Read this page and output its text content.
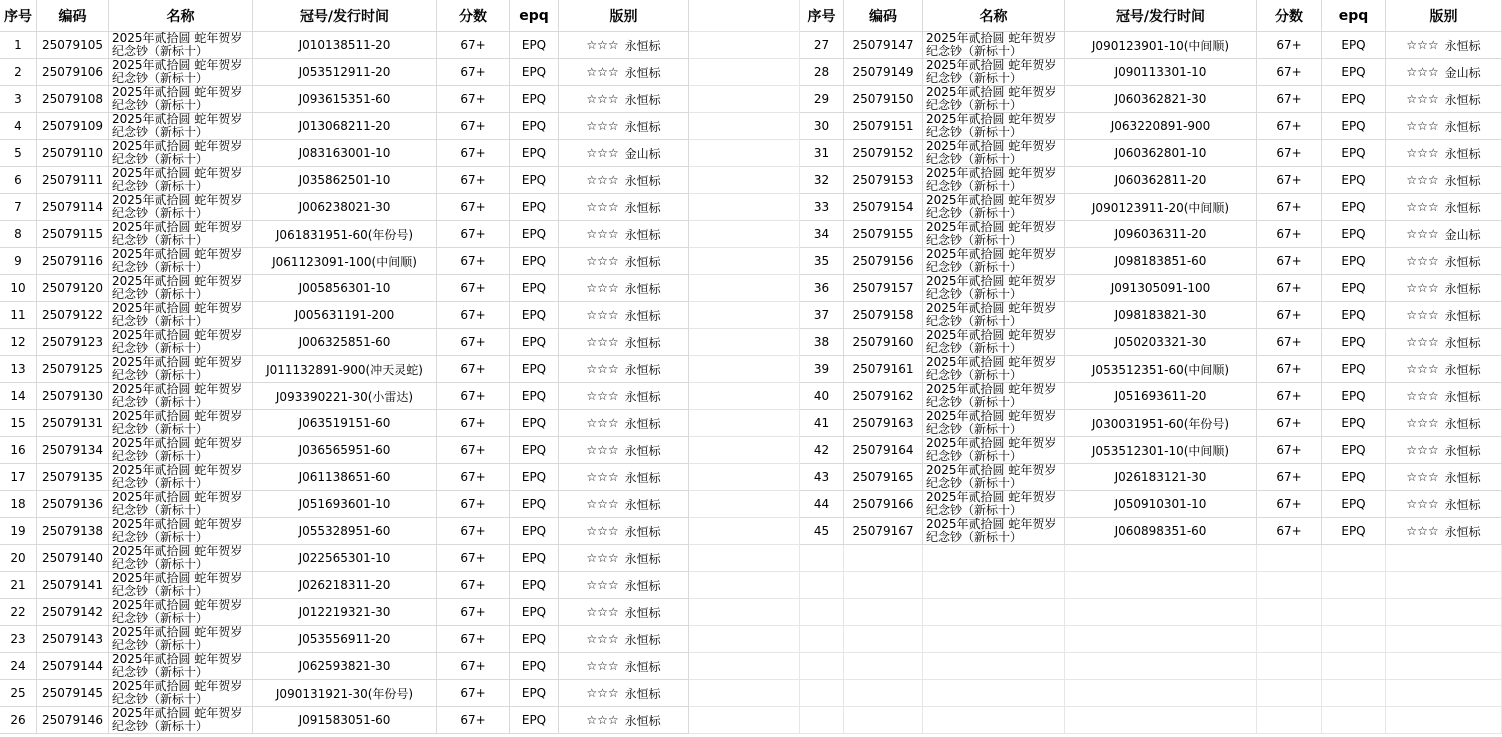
序号 编码	名称	冠号/发行时间	分数 epq	版别
1 25079105 2025年贰拾圆 蛇年贺岁纪念钞（新标十）	J010138511-20	67+	EPQ	☆☆☆ 永恒标
2 25079106 2025年贰拾圆 蛇年贺岁纪念钞（新标十）	J053512911-20	67+	EPQ	☆☆☆ 永恒标
3 25079108 2025年贰拾圆 蛇年贺岁纪念钞（新标十）	J093615351-60	67+	EPQ	☆☆☆ 永恒标
4 25079109 2025年贰拾圆 蛇年贺岁纪念钞（新标十）	J013068211-20	67+	EPQ	☆☆☆ 永恒标
5 25079110 2025年贰拾圆 蛇年贺岁纪念钞（新标十）	J083163001-10	67+	EPQ	☆☆☆ 金山标
6 25079111 2025年贰拾圆 蛇年贺岁纪念钞（新标十）	J035862501-10	67+	EPQ	☆☆☆ 永恒标
7 25079114 2025年贰拾圆 蛇年贺岁纪念钞（新标十）	J006238021-30	67+	EPQ	☆☆☆ 永恒标
8 25079115 2025年贰拾圆 蛇年贺岁纪念钞（新标十）	J061831951-60(年份号)	67+	EPQ	☆☆☆ 永恒标
9 25079116 2025年贰拾圆 蛇年贺岁纪念钞（新标十）	J061123091-100(中间顺)	67+	EPQ	☆☆☆ 永恒标
10 25079120 2025年贰拾圆 蛇年贺岁纪念钞（新标十）	J005856301-10	67+	EPQ	☆☆☆ 永恒标
11 25079122 2025年贰拾圆 蛇年贺岁纪念钞（新标十）	J005631191-200	67+	EPQ	☆☆☆ 永恒标
12 25079123 2025年贰拾圆 蛇年贺岁纪念钞（新标十）	J006325851-60	67+	EPQ	☆☆☆ 永恒标
13 25079125 2025年贰拾圆 蛇年贺岁纪念钞（新标十）	J011132891-900(冲天灵蛇)	67+	EPQ	☆☆☆ 永恒标
14 25079130 2025年贰拾圆 蛇年贺岁纪念钞（新标十）	J093390221-30(小雷达)	67+	EPQ	☆☆☆ 永恒标
15 25079131 2025年贰拾圆 蛇年贺岁纪念钞（新标十）	J063519151-60	67+	EPQ	☆☆☆ 永恒标
16 25079134 2025年贰拾圆 蛇年贺岁纪念钞（新标十）	J036565951-60	67+	EPQ	☆☆☆ 永恒标
17 25079135 2025年贰拾圆 蛇年贺岁纪念钞（新标十）	J061138651-60	67+	EPQ	☆☆☆ 永恒标
18 25079136 2025年贰拾圆 蛇年贺岁纪念钞（新标十）	J051693601-10	67+	EPQ	☆☆☆ 永恒标
19 25079138 2025年贰拾圆 蛇年贺岁纪念钞（新标十）	J055328951-60	67+	EPQ	☆☆☆ 永恒标
20 25079140 2025年贰拾圆 蛇年贺岁纪念钞（新标十）	J022565301-10	67+	EPQ	☆☆☆ 永恒标
21 25079141 2025年贰拾圆 蛇年贺岁纪念钞（新标十）	J026218311-20	67+	EPQ	☆☆☆ 永恒标
22 25079142 2025年贰拾圆 蛇年贺岁纪念钞（新标十）	J012219321-30	67+	EPQ	☆☆☆ 永恒标
23 25079143 2025年贰拾圆 蛇年贺岁纪念钞（新标十）	J053556911-20	67+	EPQ	☆☆☆ 永恒标
24 25079144 2025年贰拾圆 蛇年贺岁纪念钞（新标十）	J062593821-30	67+	EPQ	☆☆☆ 永恒标
25 25079145 2025年贰拾圆 蛇年贺岁纪念钞（新标十）	J090131921-30(年份号)	67+	EPQ	☆☆☆ 永恒标
26 25079146 2025年贰拾圆 蛇年贺岁纪念钞（新标十）	J091583051-60	67+	EPQ	☆☆☆ 永恒标
序号 编码	名称	冠号/发行时间	分数	epq	版别
27 25079147 2025年贰拾圆 蛇年贺岁纪念钞（新标十）	J090123901-10(中间顺)	67+	EPQ	☆☆☆ 永恒标
28 25079149 2025年贰拾圆 蛇年贺岁纪念钞（新标十）	J090113301-10	67+	EPQ	☆☆☆ 金山标
29 25079150 2025年贰拾圆 蛇年贺岁纪念钞（新标十）	J060362821-30	67+	EPQ	☆☆☆ 永恒标
30 25079151 2025年贰拾圆 蛇年贺岁纪念钞（新标十）	J063220891-900	67+	EPQ	☆☆☆ 永恒标
31 25079152 2025年贰拾圆 蛇年贺岁纪念钞（新标十）	J060362801-10	67+	EPQ	☆☆☆ 永恒标
32 25079153 2025年贰拾圆 蛇年贺岁纪念钞（新标十）	J060362811-20	67+	EPQ	☆☆☆ 永恒标
33 25079154 2025年贰拾圆 蛇年贺岁纪念钞（新标十）	J090123911-20(中间顺)	67+	EPQ	☆☆☆ 永恒标
34 25079155 2025年贰拾圆 蛇年贺岁纪念钞（新标十）	J096036311-20	67+	EPQ	☆☆☆ 金山标
35 25079156 2025年贰拾圆 蛇年贺岁纪念钞（新标十）	J098183851-60	67+	EPQ	☆☆☆ 永恒标
36 25079157 2025年贰拾圆 蛇年贺岁纪念钞（新标十）	J091305091-100	67+	EPQ	☆☆☆ 永恒标
37 25079158 2025年贰拾圆 蛇年贺岁纪念钞（新标十）	J098183821-30	67+	EPQ	☆☆☆ 永恒标
38 25079160 2025年贰拾圆 蛇年贺岁纪念钞（新标十）	J050203321-30	67+	EPQ	☆☆☆ 永恒标
39 25079161 2025年贰拾圆 蛇年贺岁纪念钞（新标十）	J053512351-60(中间顺)	67+	EPQ	☆☆☆ 永恒标
40 25079162 2025年贰拾圆 蛇年贺岁纪念钞（新标十）	J051693611-20	67+	EPQ	☆☆☆ 永恒标
41 25079163 2025年贰拾圆 蛇年贺岁纪念钞（新标十）	J030031951-60(年份号)	67+	EPQ	☆☆☆ 永恒标
42 25079164 2025年贰拾圆 蛇年贺岁纪念钞（新标十）	J053512301-10(中间顺)	67+	EPQ	☆☆☆ 永恒标
43 25079165 2025年贰拾圆 蛇年贺岁纪念钞（新标十）	J026183121-30	67+	EPQ	☆☆☆ 永恒标
44 25079166 2025年贰拾圆 蛇年贺岁纪念钞（新标十）	J050910301-10	67+	EPQ	☆☆☆ 永恒标
45 25079167 2025年贰拾圆 蛇年贺岁纪念钞（新标十）	J060898351-60	67+	EPQ	☆☆☆ 永恒标
